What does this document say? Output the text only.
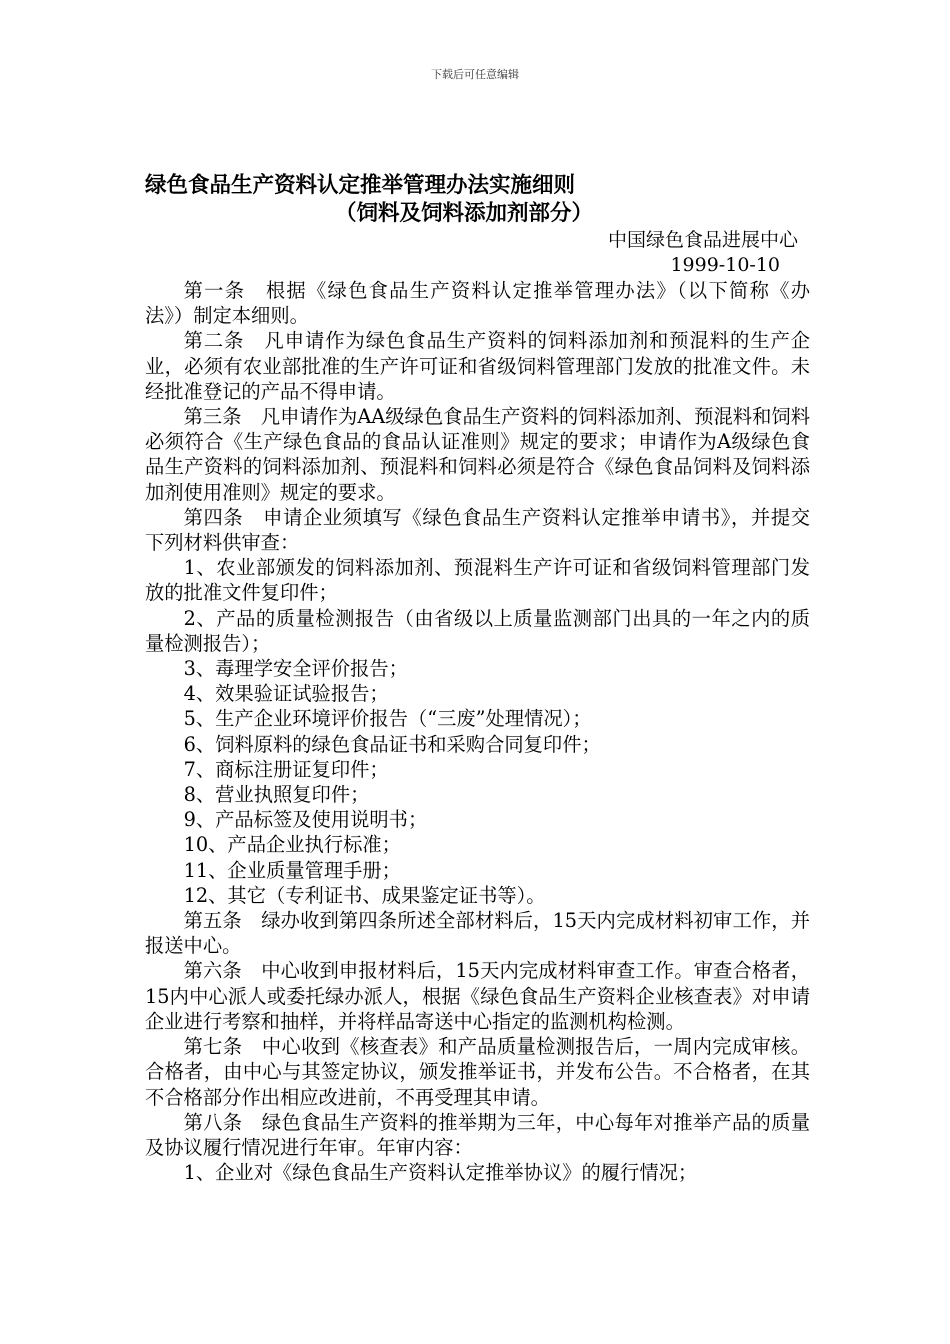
下载后可任意编辑
绿色食品生产资料认定推举管理办法实施细则
（饲料及饲料添加剂部分）
中国绿色食品进展中心
1999-10-10

第一条　根据《绿色食品生产资料认定推举管理办法》（以下简称《办法》）制定本细则。

第二条　凡申请作为绿色食品生产资料的饲料添加剂和预混料的生产企业，必须有农业部批准的生产许可证和省级饲料管理部门发放的批准文件。未经批准登记的产品不得申请。

第三条　凡申请作为AA级绿色食品生产资料的饲料添加剂、预混料和饲料必须符合《生产绿色食品的食品认证准则》规定的要求；申请作为A级绿色食品生产资料的饲料添加剂、预混料和饲料必须是符合《绿色食品饲料及饲料添加剂使用准则》规定的要求。

第四条　申请企业须填写《绿色食品生产资料认定推举申请书》，并提交下列材料供审查：

1、农业部颁发的饲料添加剂、预混料生产许可证和省级饲料管理部门发放的批准文件复印件；

2、产品的质量检测报告（由省级以上质量监测部门出具的一年之内的质量检测报告）；

3、毒理学安全评价报告；

4、效果验证试验报告；

5、生产企业环境评价报告（“三废”处理情况）；

6、饲料原料的绿色食品证书和采购合同复印件；

7、商标注册证复印件；

8、营业执照复印件；

9、产品标签及使用说明书；

10、产品企业执行标准；

11、企业质量管理手册；

12、其它（专利证书、成果鉴定证书等）。

第五条　绿办收到第四条所述全部材料后，15天内完成材料初审工作，并报送中心。

第六条　中心收到申报材料后，15天内完成材料审查工作。审查合格者，15内中心派人或委托绿办派人，根据《绿色食品生产资料企业核查表》对申请企业进行考察和抽样，并将样品寄送中心指定的监测机构检测。

第七条　中心收到《核查表》和产品质量检测报告后，一周内完成审核。合格者，由中心与其签定协议，颁发推举证书，并发布公告。不合格者，在其不合格部分作出相应改进前，不再受理其申请。

第八条　绿色食品生产资料的推举期为三年，中心每年对推举产品的质量及协议履行情况进行年审。年审内容：

1、企业对《绿色食品生产资料认定推举协议》的履行情况；
